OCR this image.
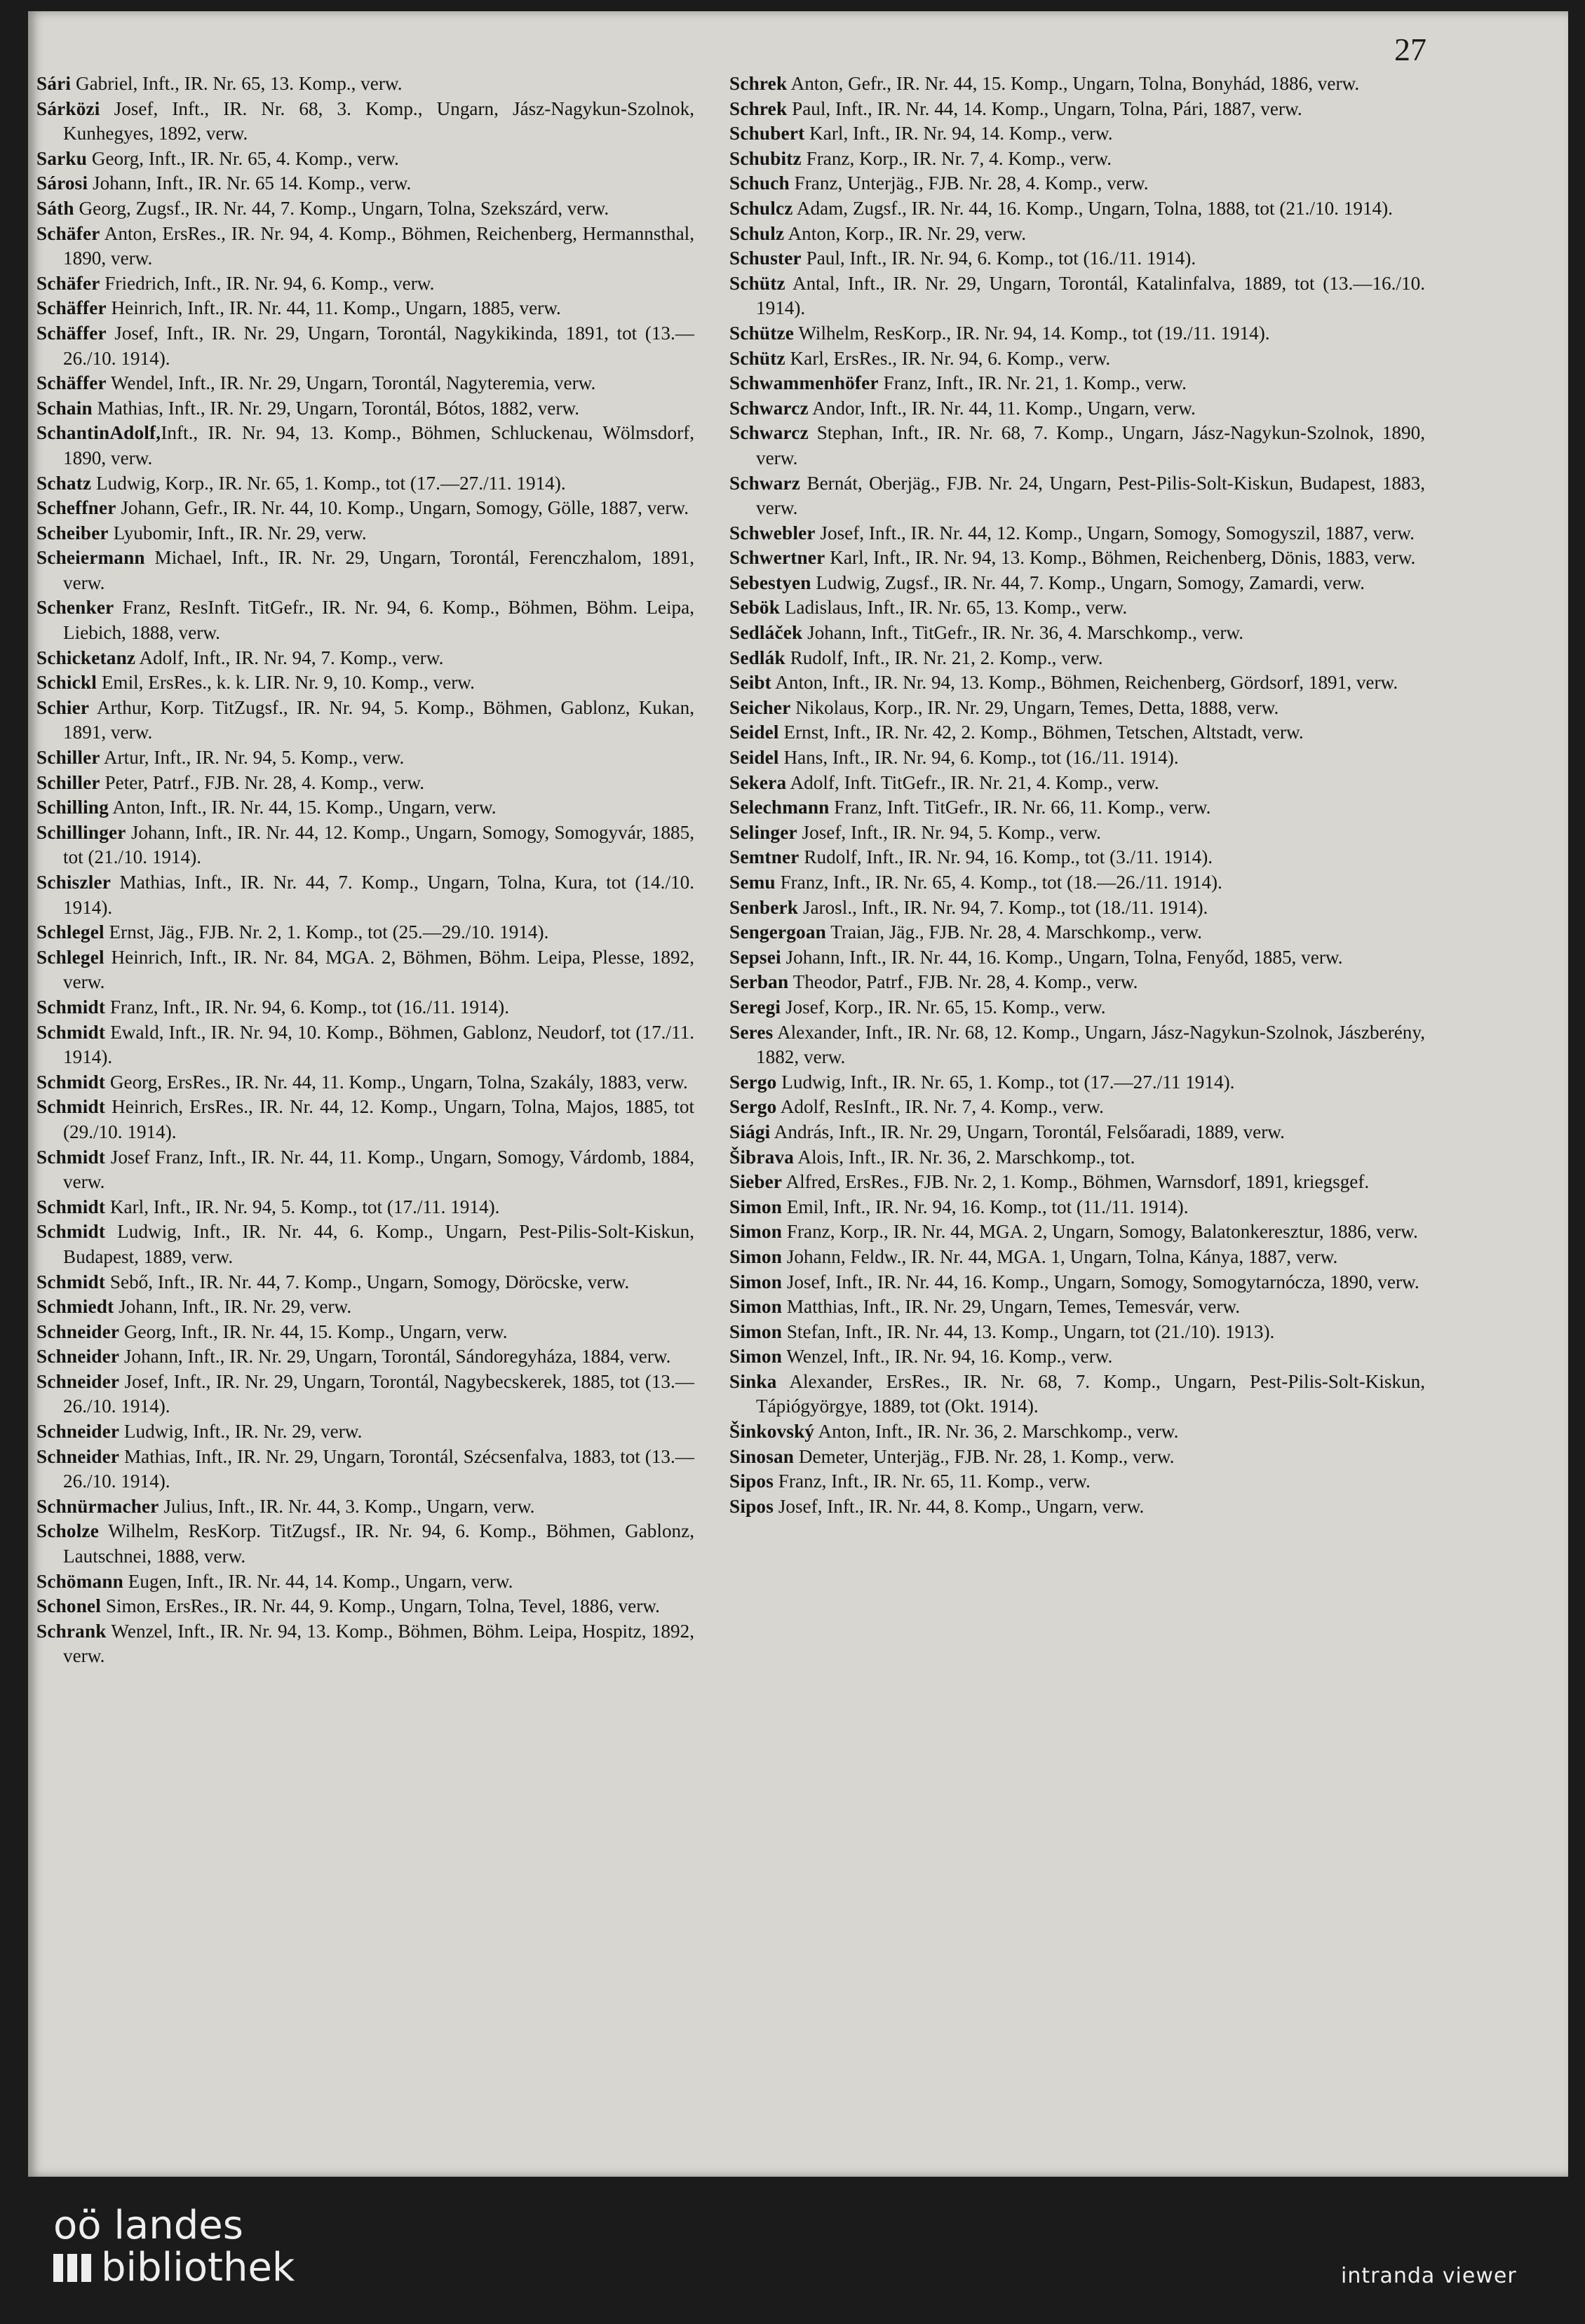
27

Sári Gabriel, Inft., IR. Nr. 65, 13. Komp., verw.

Sárközi Josef, Inft., IR. Nr. 68, 3. Komp., Ungarn, Jász-Nagykun-Szolnok, Kunhegyes, 1892, verw.

Sarku Georg, Inft., IR. Nr. 65, 4. Komp., verw.

Sárosi Johann, Inft., IR. Nr. 65 14. Komp., verw.

Sáth Georg, Zugsf., IR. Nr. 44, 7. Komp., Ungarn, Tolna, Szekszárd, verw.

Schäfer Anton, ErsRes., IR. Nr. 94, 4. Komp., Böhmen, Reichenberg, Hermannsthal, 1890, verw.

Schäfer Friedrich, Inft., IR. Nr. 94, 6. Komp., verw.

Schäffer Heinrich, Inft., IR. Nr. 44, 11. Komp., Ungarn, 1885, verw.

Schäffer Josef, Inft., IR. Nr. 29, Ungarn, Torontál, Nagykikinda, 1891, tot (13.—26./10. 1914).

Schäffer Wendel, Inft., IR. Nr. 29, Ungarn, Torontál, Nagyteremia, verw.

Schain Mathias, Inft., IR. Nr. 29, Ungarn, Torontál, Bótos, 1882, verw.

SchantinAdolf,Inft., IR. Nr. 94, 13. Komp., Böhmen, Schluckenau, Wölmsdorf, 1890, verw.

Schatz Ludwig, Korp., IR. Nr. 65, 1. Komp., tot (17.—27./11. 1914).

Scheffner Johann, Gefr., IR. Nr. 44, 10. Komp., Ungarn, Somogy, Gölle, 1887, verw.

Scheiber Lyubomir, Inft., IR. Nr. 29, verw.

Scheiermann Michael, Inft., IR. Nr. 29, Ungarn, Torontál, Ferenczhalom, 1891, verw.

Schenker Franz, ResInft. TitGefr., IR. Nr. 94, 6. Komp., Böhmen, Böhm. Leipa, Liebich, 1888, verw.

Schicketanz Adolf, Inft., IR. Nr. 94, 7. Komp., verw.

Schickl Emil, ErsRes., k. k. LIR. Nr. 9, 10. Komp., verw.

Schier Arthur, Korp. TitZugsf., IR. Nr. 94, 5. Komp., Böhmen, Gablonz, Kukan, 1891, verw.

Schiller Artur, Inft., IR. Nr. 94, 5. Komp., verw.

Schiller Peter, Patrf., FJB. Nr. 28, 4. Komp., verw.

Schilling Anton, Inft., IR. Nr. 44, 15. Komp., Ungarn, verw.

Schillinger Johann, Inft., IR. Nr. 44, 12. Komp., Ungarn, Somogy, Somogyvár, 1885, tot (21./10. 1914).

Schiszler Mathias, Inft., IR. Nr. 44, 7. Komp., Ungarn, Tolna, Kura, tot (14./10. 1914).

Schlegel Ernst, Jäg., FJB. Nr. 2, 1. Komp., tot (25.—29./10. 1914).

Schlegel Heinrich, Inft., IR. Nr. 84, MGA. 2, Böhmen, Böhm. Leipa, Plesse, 1892, verw.

Schmidt Franz, Inft., IR. Nr. 94, 6. Komp., tot (16./11. 1914).

Schmidt Ewald, Inft., IR. Nr. 94, 10. Komp., Böhmen, Gablonz, Neudorf, tot (17./11. 1914).

Schmidt Georg, ErsRes., IR. Nr. 44, 11. Komp., Ungarn, Tolna, Szakály, 1883, verw.

Schmidt Heinrich, ErsRes., IR. Nr. 44, 12. Komp., Ungarn, Tolna, Majos, 1885, tot (29./10. 1914).

Schmidt Josef Franz, Inft., IR. Nr. 44, 11. Komp., Ungarn, Somogy, Várdomb, 1884, verw.

Schmidt Karl, Inft., IR. Nr. 94, 5. Komp., tot (17./11. 1914).

Schmidt Ludwig, Inft., IR. Nr. 44, 6. Komp., Ungarn, Pest-Pilis-Solt-Kiskun, Budapest, 1889, verw.

Schmidt Sebő, Inft., IR. Nr. 44, 7. Komp., Ungarn, Somogy, Döröcske, verw.

Schmiedt Johann, Inft., IR. Nr. 29, verw.

Schneider Georg, Inft., IR. Nr. 44, 15. Komp., Ungarn, verw.

Schneider Johann, Inft., IR. Nr. 29, Ungarn, Torontál, Sándoregyháza, 1884, verw.

Schneider Josef, Inft., IR. Nr. 29, Ungarn, Torontál, Nagybecskerek, 1885, tot (13.—26./10. 1914).

Schneider Ludwig, Inft., IR. Nr. 29, verw.

Schneider Mathias, Inft., IR. Nr. 29, Ungarn, Torontál, Szécsenfalva, 1883, tot (13.—26./10. 1914).

Schnürmacher Julius, Inft., IR. Nr. 44, 3. Komp., Ungarn, verw.

Scholze Wilhelm, ResKorp. TitZugsf., IR. Nr. 94, 6. Komp., Böhmen, Gablonz, Lautschnei, 1888, verw.

Schömann Eugen, Inft., IR. Nr. 44, 14. Komp., Ungarn, verw.

Schonel Simon, ErsRes., IR. Nr. 44, 9. Komp., Ungarn, Tolna, Tevel, 1886, verw.

Schrank Wenzel, Inft., IR. Nr. 94, 13. Komp., Böhmen, Böhm. Leipa, Hospitz, 1892, verw.

Schrek Anton, Gefr., IR. Nr. 44, 15. Komp., Ungarn, Tolna, Bonyhád, 1886, verw.

Schrek Paul, Inft., IR. Nr. 44, 14. Komp., Ungarn, Tolna, Pári, 1887, verw.

Schubert Karl, Inft., IR. Nr. 94, 14. Komp., verw.

Schubitz Franz, Korp., IR. Nr. 7, 4. Komp., verw.

Schuch Franz, Unterjäg., FJB. Nr. 28, 4. Komp., verw.

Schulcz Adam, Zugsf., IR. Nr. 44, 16. Komp., Ungarn, Tolna, 1888, tot (21./10. 1914).

Schulz Anton, Korp., IR. Nr. 29, verw.

Schuster Paul, Inft., IR. Nr. 94, 6. Komp., tot (16./11. 1914).

Schütz Antal, Inft., IR. Nr. 29, Ungarn, Torontál, Katalinfalva, 1889, tot (13.—16./10. 1914).

Schütze Wilhelm, ResKorp., IR. Nr. 94, 14. Komp., tot (19./11. 1914).

Schütz Karl, ErsRes., IR. Nr. 94, 6. Komp., verw.

Schwammenhöfer Franz, Inft., IR. Nr. 21, 1. Komp., verw.

Schwarcz Andor, Inft., IR. Nr. 44, 11. Komp., Ungarn, verw.

Schwarcz Stephan, Inft., IR. Nr. 68, 7. Komp., Ungarn, Jász-Nagykun-Szolnok, 1890, verw.

Schwarz Bernát, Oberjäg., FJB. Nr. 24, Ungarn, Pest-Pilis-Solt-Kiskun, Budapest, 1883, verw.

Schwebler Josef, Inft., IR. Nr. 44, 12. Komp., Ungarn, Somogy, Somogyszil, 1887, verw.

Schwertner Karl, Inft., IR. Nr. 94, 13. Komp., Böhmen, Reichenberg, Dönis, 1883, verw.

Sebestyen Ludwig, Zugsf., IR. Nr. 44, 7. Komp., Ungarn, Somogy, Zamardi, verw.

Sebök Ladislaus, Inft., IR. Nr. 65, 13. Komp., verw.

Sedláček Johann, Inft., TitGefr., IR. Nr. 36, 4. Marschkomp., verw.

Sedlák Rudolf, Inft., IR. Nr. 21, 2. Komp., verw.

Seibt Anton, Inft., IR. Nr. 94, 13. Komp., Böhmen, Reichenberg, Gördsorf, 1891, verw.

Seicher Nikolaus, Korp., IR. Nr. 29, Ungarn, Temes, Detta, 1888, verw.

Seidel Ernst, Inft., IR. Nr. 42, 2. Komp., Böhmen, Tetschen, Altstadt, verw.

Seidel Hans, Inft., IR. Nr. 94, 6. Komp., tot (16./11. 1914).

Sekera Adolf, Inft. TitGefr., IR. Nr. 21, 4. Komp., verw.

Selechmann Franz, Inft. TitGefr., IR. Nr. 66, 11. Komp., verw.

Selinger Josef, Inft., IR. Nr. 94, 5. Komp., verw.

Semtner Rudolf, Inft., IR. Nr. 94, 16. Komp., tot (3./11. 1914).

Semu Franz, Inft., IR. Nr. 65, 4. Komp., tot (18.—26./11. 1914).

Senberk Jarosl., Inft., IR. Nr. 94, 7. Komp., tot (18./11. 1914).

Sengergoan Traian, Jäg., FJB. Nr. 28, 4. Marschkomp., verw.

Sepsei Johann, Inft., IR. Nr. 44, 16. Komp., Ungarn, Tolna, Fenyőd, 1885, verw.

Serban Theodor, Patrf., FJB. Nr. 28, 4. Komp., verw.

Seregi Josef, Korp., IR. Nr. 65, 15. Komp., verw.

Seres Alexander, Inft., IR. Nr. 68, 12. Komp., Ungarn, Jász-Nagykun-Szolnok, Jászberény, 1882, verw.

Sergo Ludwig, Inft., IR. Nr. 65, 1. Komp., tot (17.—27./11 1914).

Sergo Adolf, ResInft., IR. Nr. 7, 4. Komp., verw.

Siági András, Inft., IR. Nr. 29, Ungarn, Torontál, Felsőaradi, 1889, verw.

Šibrava Alois, Inft., IR. Nr. 36, 2. Marschkomp., tot.

Sieber Alfred, ErsRes., FJB. Nr. 2, 1. Komp., Böhmen, Warnsdorf, 1891, kriegsgef.

Simon Emil, Inft., IR. Nr. 94, 16. Komp., tot (11./11. 1914).

Simon Franz, Korp., IR. Nr. 44, MGA. 2, Ungarn, Somogy, Balatonkeresztur, 1886, verw.

Simon Johann, Feldw., IR. Nr. 44, MGA. 1, Ungarn, Tolna, Kánya, 1887, verw.

Simon Josef, Inft., IR. Nr. 44, 16. Komp., Ungarn, Somogy, Somogytarnócza, 1890, verw.

Simon Matthias, Inft., IR. Nr. 29, Ungarn, Temes, Temesvár, verw.

Simon Stefan, Inft., IR. Nr. 44, 13. Komp., Ungarn, tot (21./10). 1913).

Simon Wenzel, Inft., IR. Nr. 94, 16. Komp., verw.

Sinka Alexander, ErsRes., IR. Nr. 68, 7. Komp., Ungarn, Pest-Pilis-Solt-Kiskun, Tápiógyörgye, 1889, tot (Okt. 1914).

Šinkovský Anton, Inft., IR. Nr. 36, 2. Marschkomp., verw.

Sinosan Demeter, Unterjäg., FJB. Nr. 28, 1. Komp., verw.

Sipos Franz, Inft., IR. Nr. 65, 11. Komp., verw.

Sipos Josef, Inft., IR. Nr. 44, 8. Komp., Ungarn, verw.

oö landes
bibliothek	intranda viewer
